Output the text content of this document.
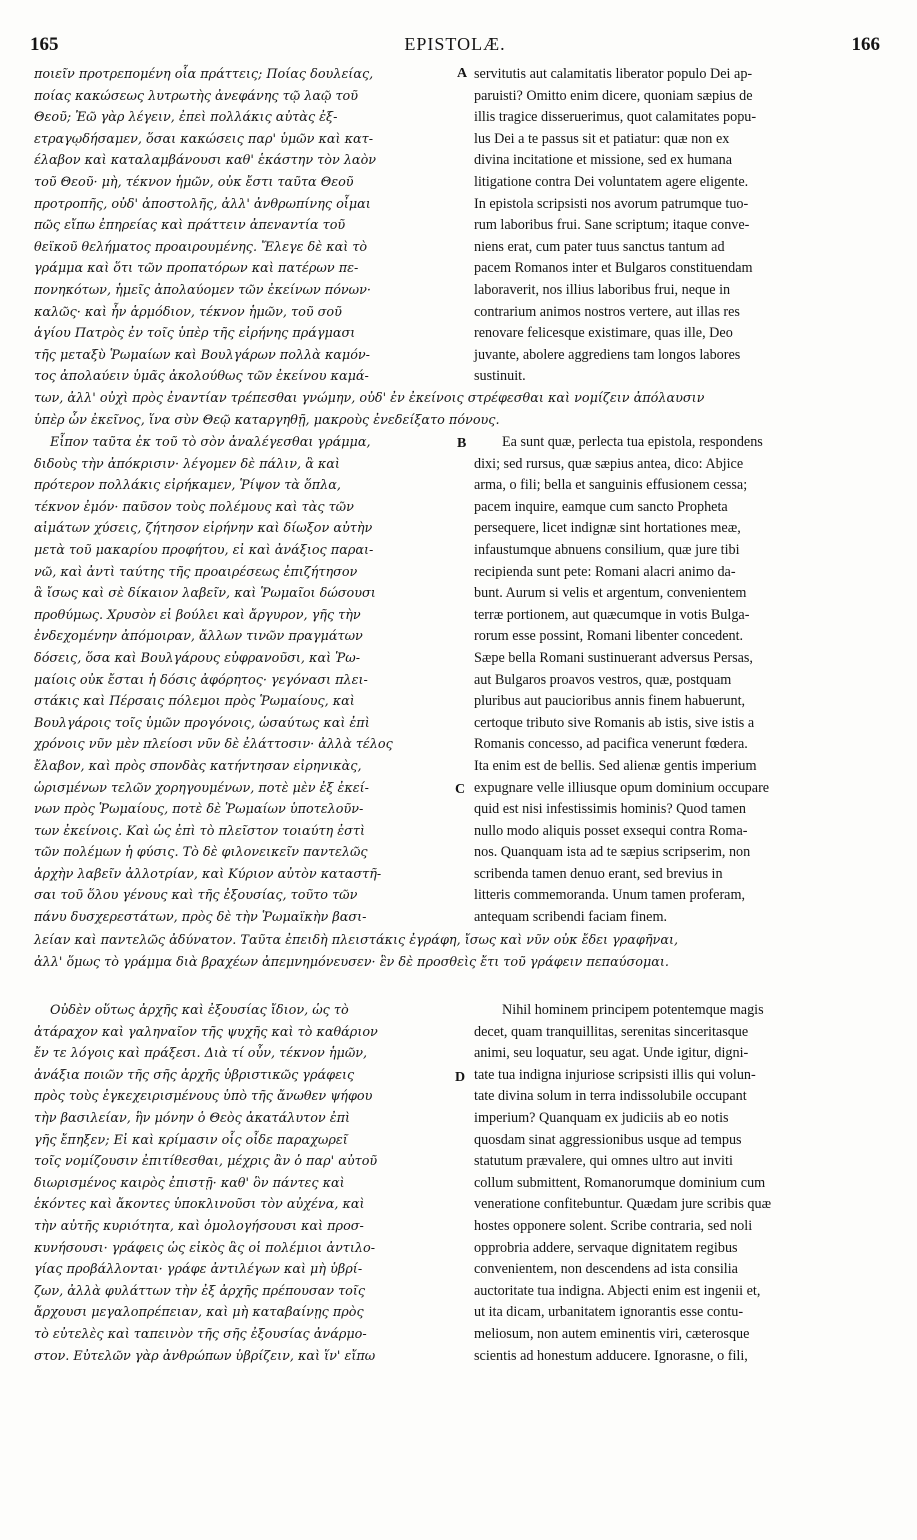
165	EPISTOLÆ.	166
ποιεῖν προτρεπομένη οἷα πράττεις; Ποίας δουλείας,
ποίας κακώσεως λυτρωτὴς ἀνεφάνης τῷ λαῷ τοῦ
Θεοῦ; Ἐῶ γὰρ λέγειν, ἐπεὶ πολλάκις αὐτὰς ἐξ-
ετραγῳδήσαμεν, ὅσαι κακώσεις παρ' ὑμῶν καὶ κατ-
έλαβον καὶ καταλαμβάνουσι καθ' ἑκάστην τὸν λαὸν
τοῦ Θεοῦ· μὴ, τέκνον ἡμῶν, οὐκ ἔστι ταῦτα Θεοῦ
προτροπῆς, οὐδ' ἀποστολῆς, ἀλλ' ἀνθρωπίνης οἶμαι
πῶς εἴπω ἐπηρείας καὶ πράττειν ἀπεναντία τοῦ
θεϊκοῦ θελήματος προαιρουμένης. Ἔλεγε δὲ καὶ τὸ
γράμμα καὶ ὅτι τῶν προπατόρων καὶ πατέρων πε-
πονηκότων, ἡμεῖς ἀπολαύομεν τῶν ἐκείνων πόνων·
καλῶς· καὶ ἦν ἁρμόδιον, τέκνον ἡμῶν, τοῦ σοῦ
ἁγίου Πατρὸς ἐν τοῖς ὑπὲρ τῆς εἰρήνης πράγμασι
τῆς μεταξὺ Ῥωμαίων καὶ Βουλγάρων πολλὰ καμόν-
τος ἀπολαύειν ὑμᾶς ἀκολούθως τῶν ἐκείνου καμά-
A servitutis aut calamitatis liberator populo Dei ap-
paruisti? Omitto enim dicere, quoniam sæpius de
illis tragice disseruerimus, quot calamitates popu-
lus Dei a te passus sit et patiatur: quæ non ex
divina incitatione et missione, sed ex humana
litigatione contra Dei voluntatem agere eligente.
In epistola scripsisti nos avorum patrumque tuo-
rum laboribus frui. Sane scriptum; itaque conve-
niens erat, cum pater tuus sanctus tantum ad
pacem Romanos inter et Bulgaros constituendam
laboraverit, nos illius laboribus frui, neque in
contrarium animos nostros vertere, aut illas res
renovare felicesque existimare, quas ille, Deo
juvante, abolere aggrediens tam longos labores
sustinuit.
των, ἀλλ' οὐχὶ πρὸς ἐναντίαν τρέπεσθαι γνώμην, οὐδ' ἐν ἐκείνοις στρέφεσθαι καὶ νομίζειν ἀπόλαυσιν
ὑπὲρ ὧν ἐκεῖνος, ἵνα σὺν Θεῷ καταργηθῇ, μακροὺς ἐνεδείξατο πόνους.
Εἶπον ταῦτα ἐκ τοῦ τὸ σὸν ἀναλέγεσθαι γράμμα,
διδοὺς τὴν ἀπόκρισιν· λέγομεν δὲ πάλιν, ἃ καὶ
πρότερον πολλάκις εἰρήκαμεν, Ῥίψον τὰ ὅπλα,
τέκνον ἐμόν· παῦσον τοὺς πολέμους καὶ τὰς τῶν
αἱμάτων χύσεις, ζήτησον εἰρήνην καὶ δίωξον αὐτὴν
μετὰ τοῦ μακαρίου προφήτου, εἰ καὶ ἀνάξιος παραι-
νῶ, καὶ ἀντὶ ταύτης τῆς προαιρέσεως ἐπιζήτησον
ἃ ἴσως καὶ σὲ δίκαιον λαβεῖν, καὶ Ῥωμαῖοι δώσουσι
προθύμως. Χρυσὸν εἰ βούλει καὶ ἄργυρον, γῆς τὴν
ἐνδεχομένην ἀπόμοιραν, ἄλλων τινῶν πραγμάτων
δόσεις, ὅσα καὶ Βουλγάρους εὐφρανοῦσι, καὶ Ῥω-
μαίοις οὐκ ἔσται ἡ δόσις ἀφόρητος· γεγόνασι πλει-
στάκις καὶ Πέρσαις πόλεμοι πρὸς Ῥωμαίους, καὶ
Βουλγάροις τοῖς ὑμῶν προγόνοις, ὡσαύτως καὶ ἐπὶ
χρόνοις νῦν μὲν πλείοσι νῦν δὲ ἐλάττοσιν· ἀλλὰ τέλος
ἔλαβον, καὶ πρὸς σπονδὰς κατήντησαν εἰρηνικὰς,
ὡρισμένων τελῶν χορηγουμένων, ποτὲ μὲν ἐξ ἐκεί-
νων πρὸς Ῥωμαίους, ποτὲ δὲ Ῥωμαίων ὑποτελοῦν-
των ἐκείνοις. Καὶ ὡς ἐπὶ τὸ πλεῖστον τοιαύτη ἐστὶ
τῶν πολέμων ἡ φύσις. Τὸ δὲ φιλονεικεῖν παντελῶς
ἀρχὴν λαβεῖν ἀλλοτρίαν, καὶ Κύριον αὐτὸν καταστῆ-
σαι τοῦ ὅλου γένους καὶ τῆς ἐξουσίας, τοῦτο τῶν
πάνυ δυσχερεστάτων, πρὸς δὲ τὴν Ῥωμαϊκὴν βασι-
B
C
Ea sunt quæ, perlecta tua epistola, respondens
dixi; sed rursus, quæ sæpius antea, dico: Abjice
arma, o fili; bella et sanguinis effusionem cessa;
pacem inquire, eamque cum sancto Propheta
persequere, licet indignæ sint hortationes meæ,
infaustumque abnuens consilium, quæ jure tibi
recipienda sunt pete: Romani alacri animo da-
bunt. Aurum si velis et argentum, convenientem
terræ portionem, aut quæcumque in votis Bulga-
rorum esse possint, Romani libenter concedent.
Sæpe bella Romani sustinuerant adversus Persas,
aut Bulgaros proavos vestros, quæ, postquam
pluribus aut paucioribus annis finem habuerunt,
certoque tributo sive Romanis ab istis, sive istis a
Romanis concesso, ad pacifica venerunt fœdera.
Ita enim est de bellis. Sed alienæ gentis imperium
expugnare velle illiusque opum dominium occupare
quid est nisi infestissimis hominis? Quod tamen
nullo modo aliquis posset exsequi contra Roma-
nos. Quanquam ista ad te sæpius scripserim, non
scribenda tamen denuo erant, sed brevius in
litteris commemoranda. Unum tamen proferam,
antequam scribendi faciam finem.
λείαν καὶ παντελῶς ἀδύνατον. Ταῦτα ἐπειδὴ πλειστάκις ἐγράφη, ἴσως καὶ νῦν οὐκ ἔδει γραφῆναι,
ἀλλ' ὅμως τὸ γράμμα διὰ βραχέων ἀπεμνημόνευσεν· ἓν δὲ προσθεὶς ἔτι τοῦ γράφειν πεπαύσομαι.
Οὐδὲν οὕτως ἀρχῆς καὶ ἐξουσίας ἴδιον, ὡς τὸ
ἀτάραχον καὶ γαληναῖον τῆς ψυχῆς καὶ τὸ καθάριον
ἔν τε λόγοις καὶ πράξεσι. Διὰ τί οὖν, τέκνον ἡμῶν,
ἀνάξια ποιῶν τῆς σῆς ἀρχῆς ὑβριστικῶς γράφεις
πρὸς τοὺς ἐγκεχειρισμένους ὑπὸ τῆς ἄνωθεν ψήφου
τὴν βασιλείαν, ἣν μόνην ὁ Θεὸς ἀκατάλυτον ἐπὶ
γῆς ἔπηξεν; Εἰ καὶ κρίμασιν οἷς οἶδε παραχωρεῖ
τοῖς νομίζουσιν ἐπιτίθεσθαι, μέχρις ἂν ὁ παρ' αὐτοῦ
διωρισμένος καιρὸς ἐπιστῇ· καθ' ὃν πάντες καὶ
ἑκόντες καὶ ἄκοντες ὑποκλινοῦσι τὸν αὐχένα, καὶ
τὴν αὐτῆς κυριότητα, καὶ ὁμολογήσουσι καὶ προσ-
κυνήσουσι· γράφεις ὡς εἰκὸς ἃς οἱ πολέμιοι ἀντιλο-
γίας προβάλλονται· γράφε ἀντιλέγων καὶ μὴ ὑβρί-
ζων, ἀλλὰ φυλάττων τὴν ἐξ ἀρχῆς πρέπουσαν τοῖς
ἄρχουσι μεγαλοπρέπειαν, καὶ μὴ καταβαίνῃς πρὸς
τὸ εὐτελὲς καὶ ταπεινὸν τῆς σῆς ἐξουσίας ἀνάρμο-
στον. Εὐτελῶν γὰρ ἀνθρώπων ὑβρίζειν, καὶ ἵν' εἴπω
D
Nihil hominem principem potentemque magis
decet, quam tranquillitas, serenitas sinceritasque
animi, seu loquatur, seu agat. Unde igitur, digni-
tate tua indigna injuriose scripsisti illis qui volun-
tate divina solum in terra indissolubile occupant
imperium? Quanquam ex judiciis ab eo notis
quosdam sinat aggressionibus usque ad tempus
statutum prævalere, qui omnes ultro aut inviti
collum submittent, Romanorumque dominium cum
veneratione confitebuntur. Quædam jure scribis quæ
hostes opponere solent. Scribe contraria, sed noli
opprobria addere, servaque dignitatem regibus
convenientem, non descendens ad ista consilia
auctoritate tua indigna. Abjecti enim est ingenii et,
ut ita dicam, urbanitatem ignorantis esse contu-
meliosum, non autem eminentis viri, cæterosque
scientis ad honestum adducere. Ignorasne, o fili,
